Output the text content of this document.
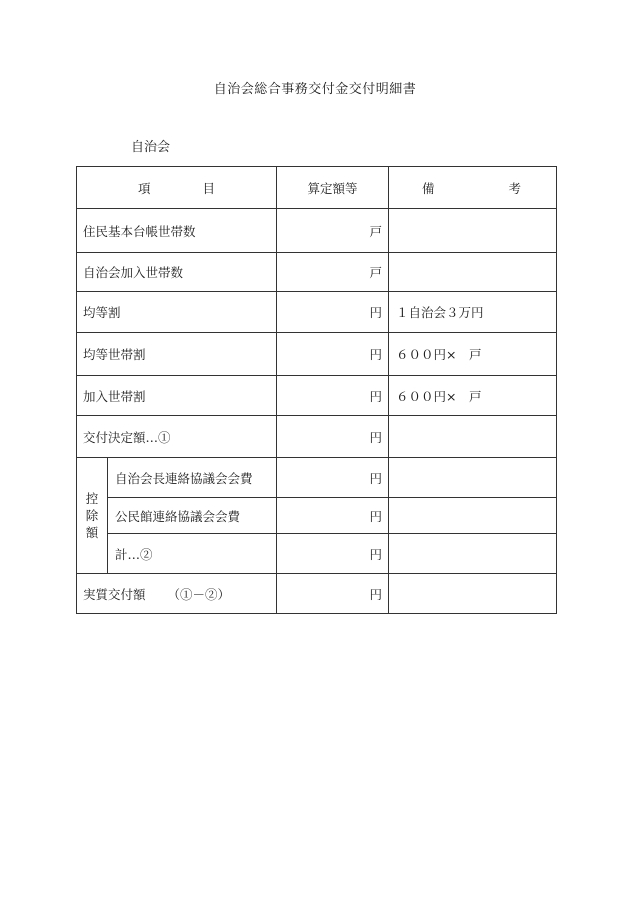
自治会総合事務交付金交付明細書
自治会
項 目		算定額等	備 考

住民基本台帳世帯数		戸	
自治会加入世帯数		戸	
均等割		円	１自治会３万円
均等世帯割		円	６００円×　戸
加入世帯割		円	６００円×　戸
交付決定額…①		円	

控
除
額	自治会長連絡協議会会費	円	
	公民館連絡協議会会費	円	
	計…②	円	
実質交付額 （①－②）		円	
